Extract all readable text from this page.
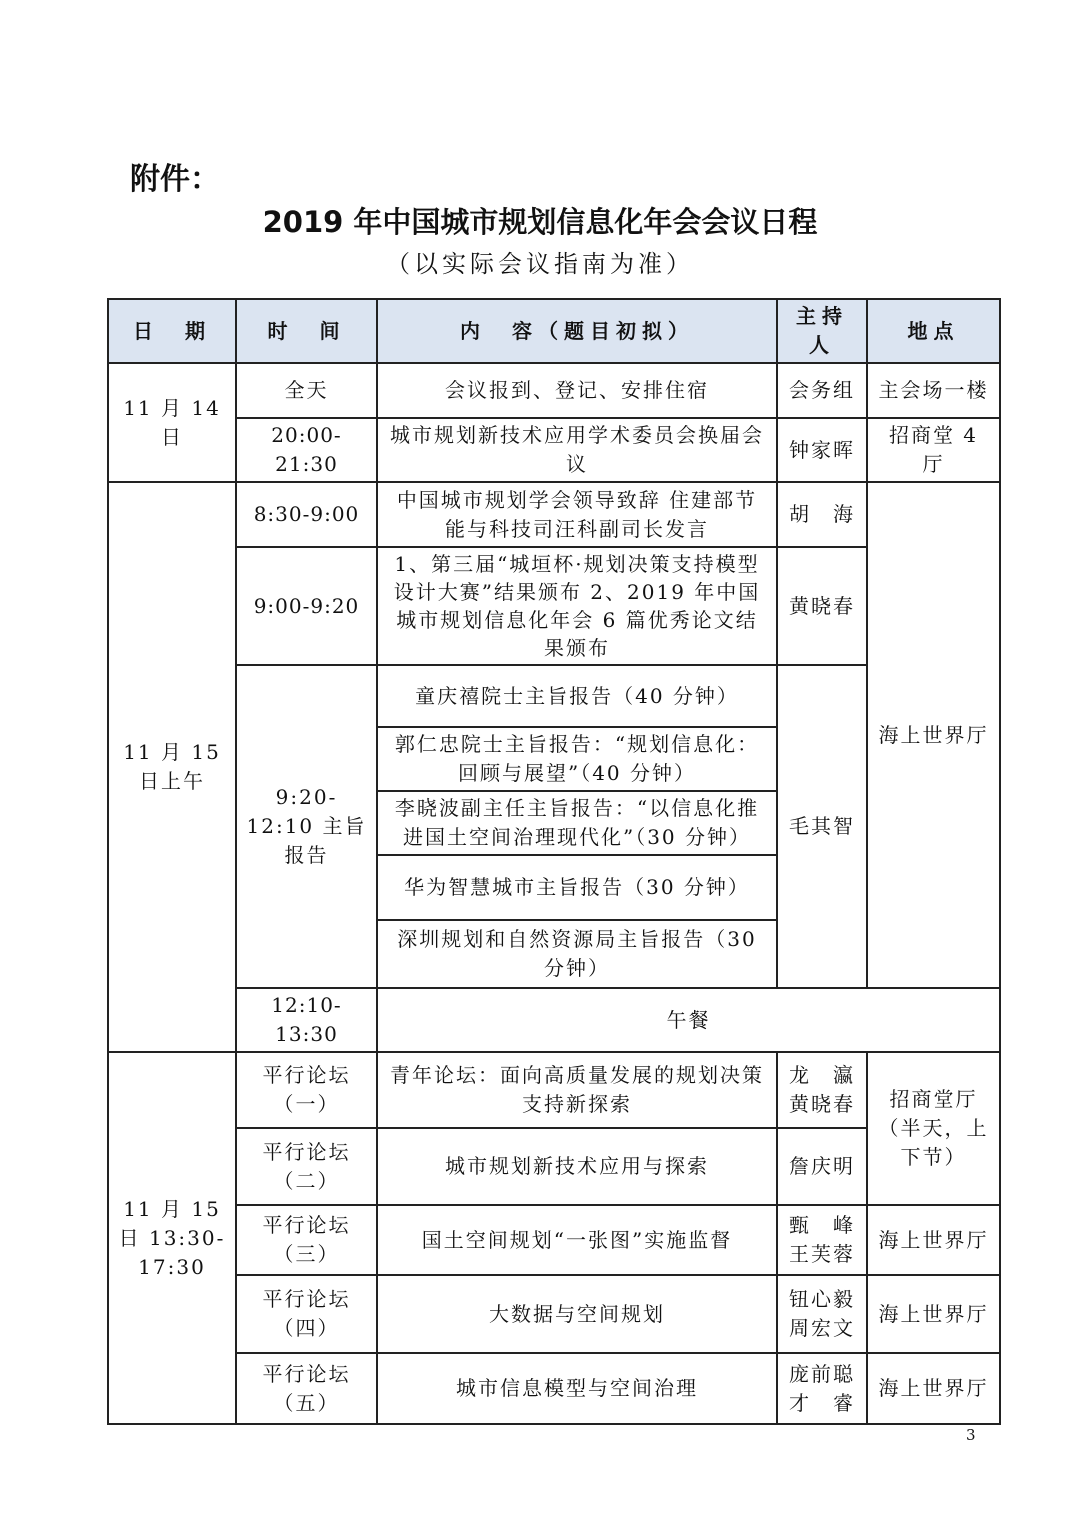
附件：
2019 年中国城市规划信息化年会会议日程
（以实际会议指南为准）
日　期	时　间	内　容（题目初拟）	主持人	地点
11 月 14 日	全天	会议报到、登记、安排住宿	会务组	主会场一楼
	20:00-21:30	城市规划新技术应用学术委员会换届会议	钟家晖	招商堂 4 厅
11 月 15 日上午	8:30-9:00	中国城市规划学会领导致辞 住建部节能与科技司汪科副司长发言	胡　海	海上世界厅
	9:00-9:20	1、第三届“城垣杯·规划决策支持模型设计大赛”结果颁布 2、2019 年中国城市规划信息化年会 6 篇优秀论文结果颁布	黄晓春	
	9:20-12:10 主旨报告	童庆禧院士主旨报告（40 分钟）	毛其智	
		郭仁忠院士主旨报告：“规划信息化：回顾与展望”（40 分钟）		
		李晓波副主任主旨报告：“以信息化推进国土空间治理现代化”（30 分钟）		
		华为智慧城市主旨报告（30 分钟）		
		深圳规划和自然资源局主旨报告（30 分钟）		
	12:10-13:30	午餐		
11 月 15 日 13:30-17:30	平行论坛（一）	青年论坛：面向高质量发展的规划决策支持新探索	龙　瀛 黄晓春	招商堂厅（半天，上下节）
	平行论坛（二）	城市规划新技术应用与探索	詹庆明	
	平行论坛（三）	国土空间规划“一张图”实施监督	甄　峰 王芙蓉	海上世界厅
	平行论坛（四）	大数据与空间规划	钮心毅 周宏文	海上世界厅
	平行论坛（五）	城市信息模型与空间治理	庞前聪 才　睿	海上世界厅
3
